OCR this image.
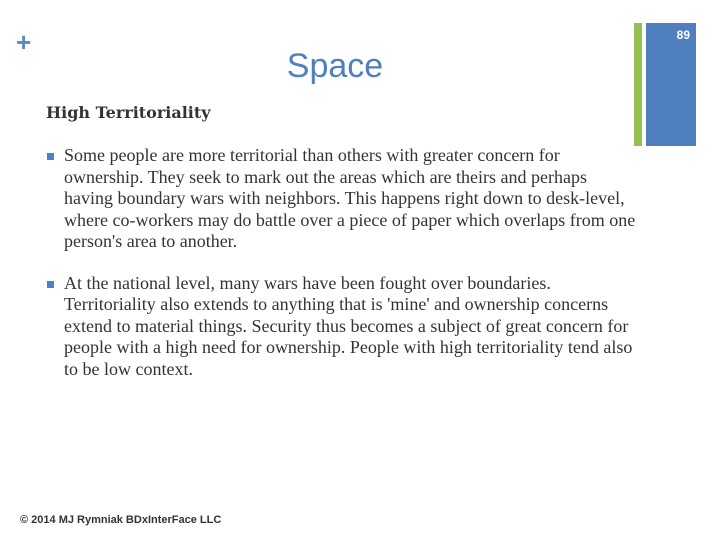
+	89
Space
High Territoriality
Some people are more territorial than others with greater concern for ownership. They seek to mark out the areas which are theirs and perhaps having boundary wars with neighbors. This happens right down to desk-level, where co-workers may do battle over a piece of paper which overlaps from one person's area to another.
At the national level, many wars have been fought over boundaries. Territoriality also extends to anything that is 'mine' and ownership concerns extend to material things. Security thus becomes a subject of great concern for people with a high need for ownership. People with high territoriality tend also to be low context.
© 2014 MJ Rymniak BDxInterFace LLC
